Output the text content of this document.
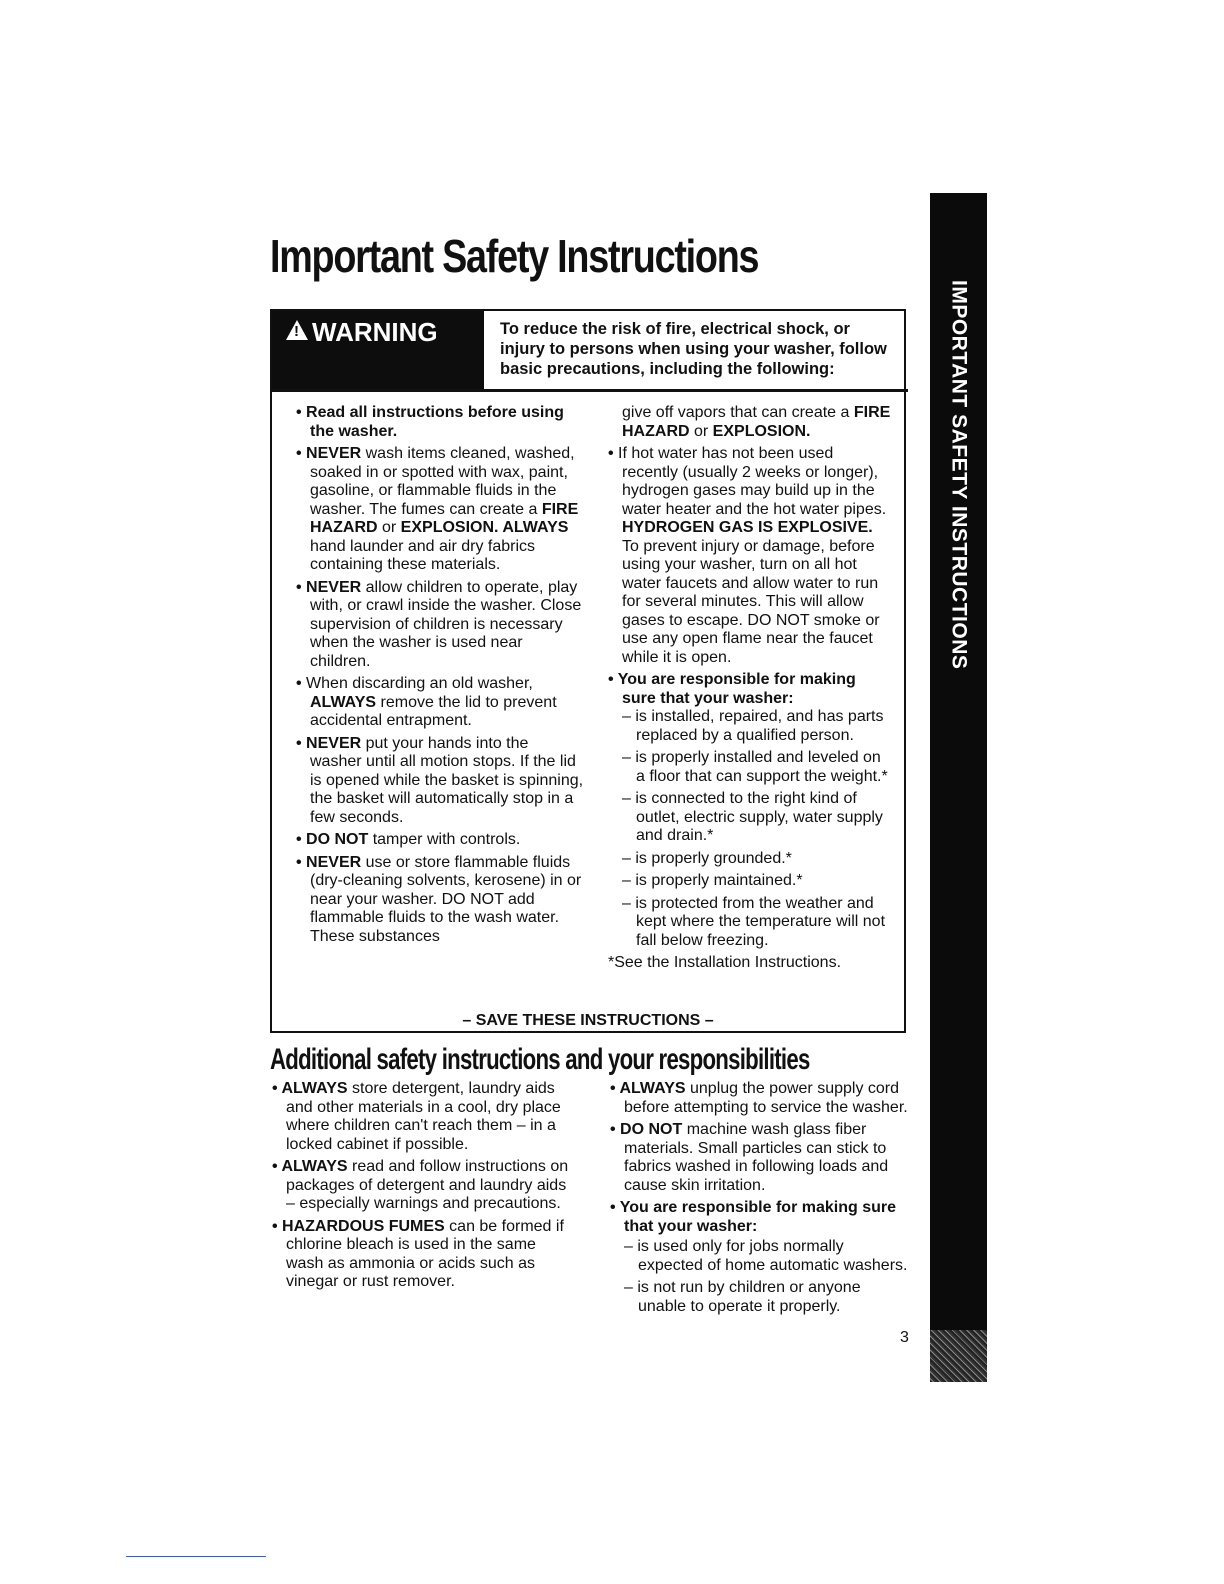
Important Safety Instructions
IMPORTANT SAFETY INSTRUCTIONS
!
WARNING	To reduce the risk of fire, electrical shock, or injury to persons when using your washer, follow basic precautions, including the following:

• Read all instructions before using the washer.

• NEVER wash items cleaned, washed, soaked in or spotted with wax, paint, gasoline, or flammable fluids in the washer. The fumes can create a FIRE HAZARD or EXPLOSION. ALWAYS hand launder and air dry fabrics containing these materials.

• NEVER allow children to operate, play with, or crawl inside the washer. Close supervision of children is necessary when the washer is used near children.

• When discarding an old washer, ALWAYS remove the lid to prevent accidental entrapment.

• NEVER put your hands into the washer until all motion stops. If the lid is opened while the basket is spinning, the basket will automatically stop in a few seconds.

• DO NOT tamper with controls.

• NEVER use or store flammable fluids (dry-cleaning solvents, kerosene) in or near your washer. DO NOT add flammable fluids to the wash water. These substances

give off vapors that can create a FIRE HAZARD or EXPLOSION.

• If hot water has not been used recently (usually 2 weeks or longer), hydrogen gases may build up in the water heater and the hot water pipes. HYDROGEN GAS IS EXPLOSIVE. To prevent injury or damage, before using your washer, turn on all hot water faucets and allow water to run for several minutes. This will allow gases to escape. DO NOT smoke or use any open flame near the faucet while it is open.

• You are responsible for making sure that your washer:

– is installed, repaired, and has parts replaced by a qualified person.

– is properly installed and leveled on a floor that can support the weight.*

– is connected to the right kind of outlet, electric supply, water supply and drain.*

– is properly grounded.*

– is properly maintained.*

– is protected from the weather and kept where the temperature will not fall below freezing.

*See the Installation Instructions.

– SAVE THESE INSTRUCTIONS –
Additional safety instructions and your responsibilities

• ALWAYS store detergent, laundry aids and other materials in a cool, dry place where children can't reach them – in a locked cabinet if possible.

• ALWAYS read and follow instructions on packages of detergent and laundry aids – especially warnings and precautions.

• HAZARDOUS FUMES can be formed if chlorine bleach is used in the same wash as ammonia or acids such as vinegar or rust remover.

• ALWAYS unplug the power supply cord before attempting to service the washer.

• DO NOT machine wash glass fiber materials. Small particles can stick to fabrics washed in following loads and cause skin irritation.

• You are responsible for making sure that your washer:

– is used only for jobs normally expected of home automatic washers.

– is not run by children or anyone unable to operate it properly.

3
